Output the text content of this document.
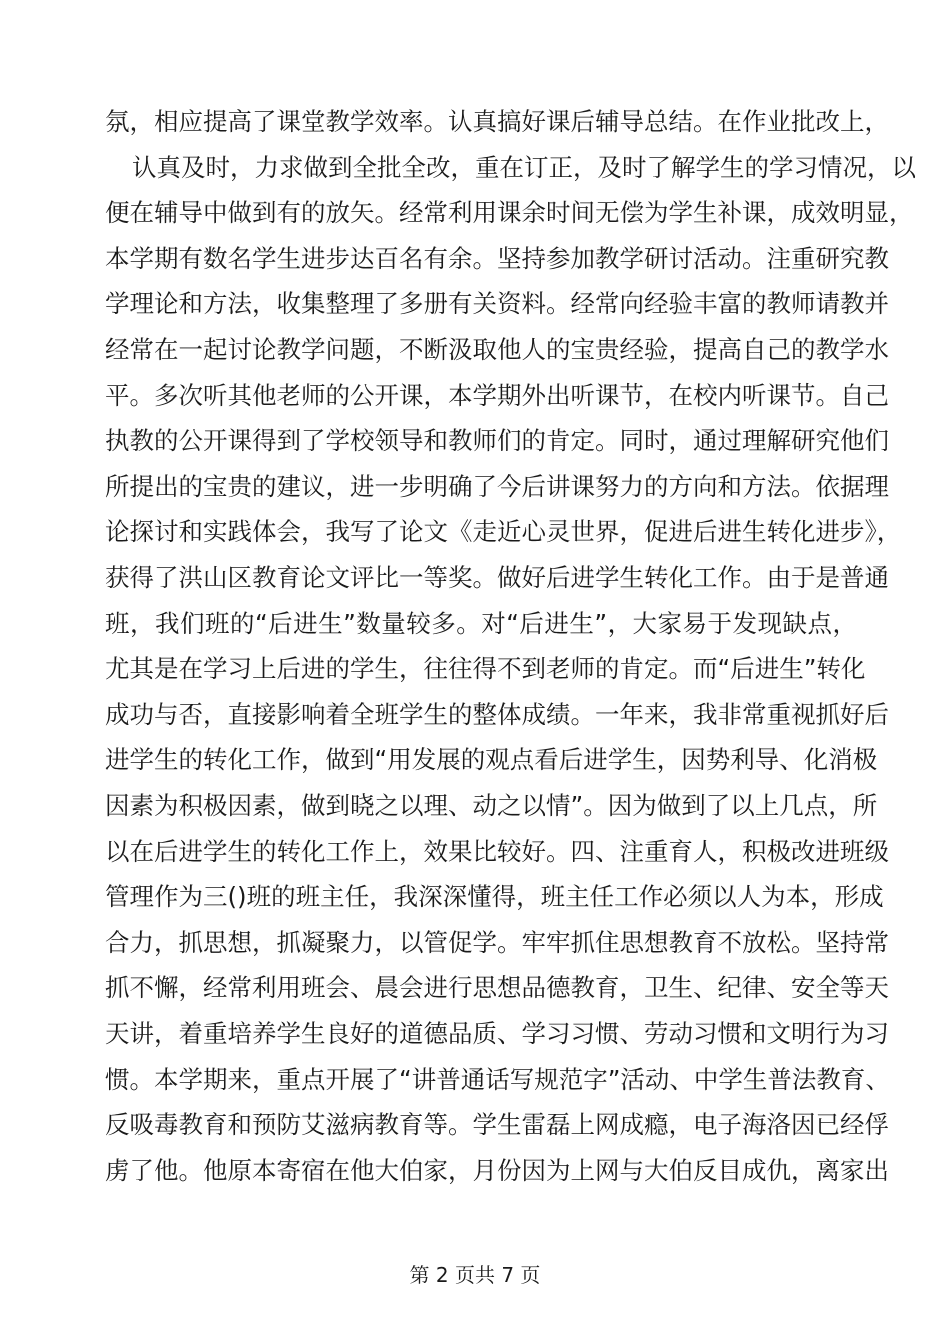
氛，相应提高了课堂教学效率。认真搞好课后辅导总结。在作业批改上，
认真及时，力求做到全批全改，重在订正，及时了解学生的学习情况，以
便在辅导中做到有的放矢。经常利用课余时间无偿为学生补课，成效明显，
本学期有数名学生进步达百名有余。坚持参加教学研讨活动。注重研究教
学理论和方法，收集整理了多册有关资料。经常向经验丰富的教师请教并
经常在一起讨论教学问题，不断汲取他人的宝贵经验，提高自己的教学水
平。多次听其他老师的公开课，本学期外出听课节，在校内听课节。自己
执教的公开课得到了学校领导和教师们的肯定。同时，通过理解研究他们
所提出的宝贵的建议，进一步明确了今后讲课努力的方向和方法。依据理
论探讨和实践体会，我写了论文《走近心灵世界，促进后进生转化进步》，
获得了洪山区教育论文评比一等奖。做好后进学生转化工作。由于是普通
班，我们班的“后进生”数量较多。对“后进生”，大家易于发现缺点，
尤其是在学习上后进的学生，往往得不到老师的肯定。而“后进生”转化
成功与否，直接影响着全班学生的整体成绩。一年来，我非常重视抓好后
进学生的转化工作，做到“用发展的观点看后进学生，因势利导、化消极
因素为积极因素，做到晓之以理、动之以情”。因为做到了以上几点，所
以在后进学生的转化工作上，效果比较好。四、注重育人，积极改进班级
管理作为三()班的班主任，我深深懂得，班主任工作必须以人为本，形成
合力，抓思想，抓凝聚力，以管促学。牢牢抓住思想教育不放松。坚持常
抓不懈，经常利用班会、晨会进行思想品德教育，卫生、纪律、安全等天
天讲，着重培养学生良好的道德品质、学习习惯、劳动习惯和文明行为习
惯。本学期来，重点开展了“讲普通话写规范字”活动、中学生普法教育、
反吸毒教育和预防艾滋病教育等。学生雷磊上网成瘾，电子海洛因已经俘
虏了他。他原本寄宿在他大伯家，月份因为上网与大伯反目成仇，离家出
第 2 页共 7 页
